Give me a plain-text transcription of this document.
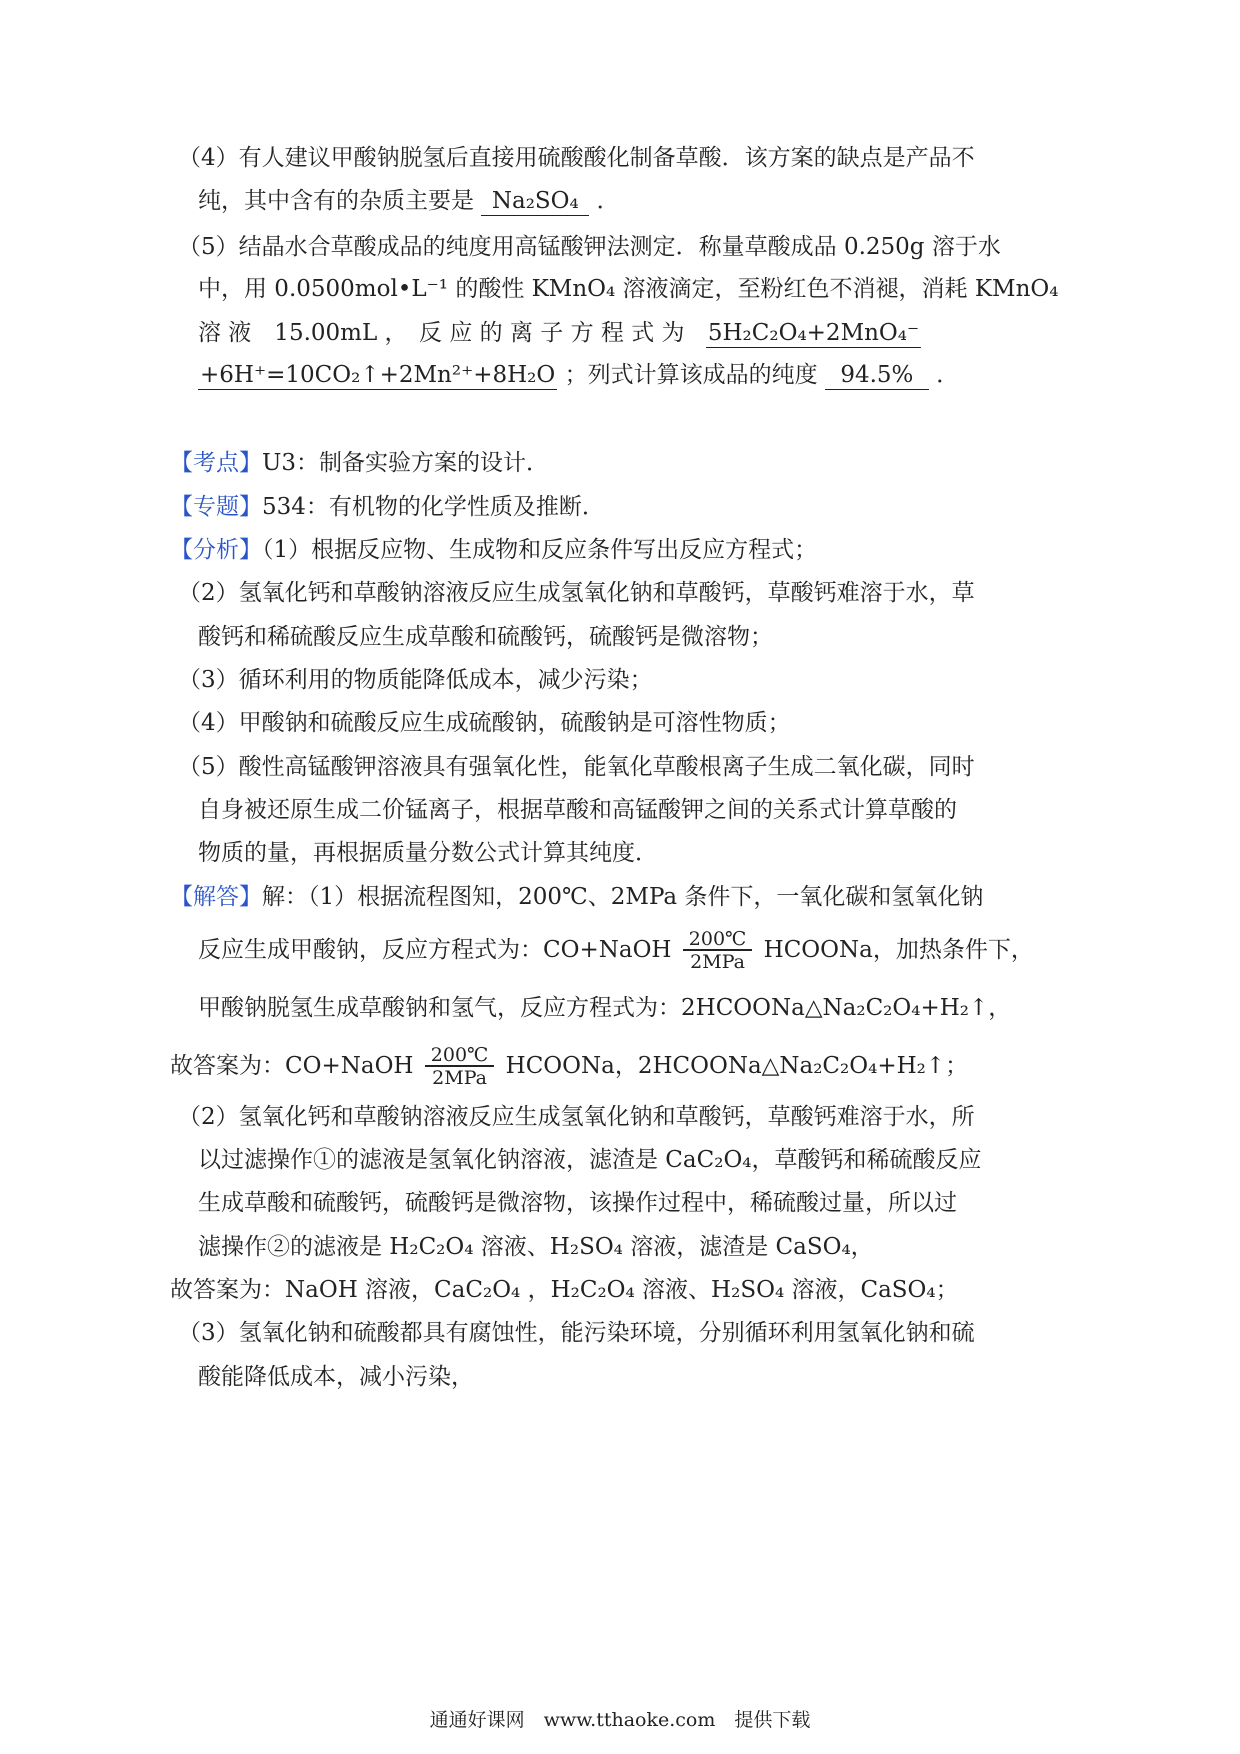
（4）有人建议甲酸钠脱氢后直接用硫酸酸化制备草酸．该方案的缺点是产品不
纯，其中含有的杂质主要是 Na₂SO₄ ．
（5）结晶水合草酸成品的纯度用高锰酸钾法测定．称量草酸成品 0.250g 溶于水
中，用 0.0500mol•L⁻¹ 的酸性 KMnO₄ 溶液滴定，至粉红色不消褪，消耗 KMnO₄
溶 液　15.00mL ，　反 应 的 离 子 方 程 式 为 5H₂C₂O₄+2MnO₄⁻
+6H⁺=10CO₂↑+2Mn²⁺+8H₂O ；列式计算该成品的纯度 94.5% ．
【考点】U3：制备实验方案的设计．
【专题】534：有机物的化学性质及推断．
【分析】（1）根据反应物、生成物和反应条件写出反应方程式；
（2）氢氧化钙和草酸钠溶液反应生成氢氧化钠和草酸钙，草酸钙难溶于水，草
酸钙和稀硫酸反应生成草酸和硫酸钙，硫酸钙是微溶物；
（3）循环利用的物质能降低成本，减少污染；
（4）甲酸钠和硫酸反应生成硫酸钠，硫酸钠是可溶性物质；
（5）酸性高锰酸钾溶液具有强氧化性，能氧化草酸根离子生成二氧化碳，同时
自身被还原生成二价锰离子，根据草酸和高锰酸钾之间的关系式计算草酸的
物质的量，再根据质量分数公式计算其纯度．
【解答】解：（1）根据流程图知，200℃、2MPa 条件下，一氧化碳和氢氧化钠
反应生成甲酸钠，反应方程式为：CO+NaOH $\frac{200℃}{\text{2MPa}}$ HCOONa，加热条件下，
甲酸钠脱氢生成草酸钠和氢气，反应方程式为：2HCOONa△Na₂C₂O₄+H₂↑，
故答案为：CO+NaOH $\frac{200℃}{\text{2MPa}}$ HCOONa，2HCOONa△Na₂C₂O₄+H₂↑；
（2）氢氧化钙和草酸钠溶液反应生成氢氧化钠和草酸钙，草酸钙难溶于水，所
以过滤操作①的滤液是氢氧化钠溶液，滤渣是 CaC₂O₄，草酸钙和稀硫酸反应
生成草酸和硫酸钙，硫酸钙是微溶物，该操作过程中，稀硫酸过量，所以过
滤操作②的滤液是 H₂C₂O₄ 溶液、H₂SO₄ 溶液，滤渣是 CaSO₄，
故答案为：NaOH 溶液，CaC₂O₄ ，H₂C₂O₄ 溶液、H₂SO₄ 溶液，CaSO₄；
（3）氢氧化钠和硫酸都具有腐蚀性，能污染环境，分别循环利用氢氧化钠和硫
酸能降低成本，减小污染，
通通好课网　www.tthaoke.com　提供下载
